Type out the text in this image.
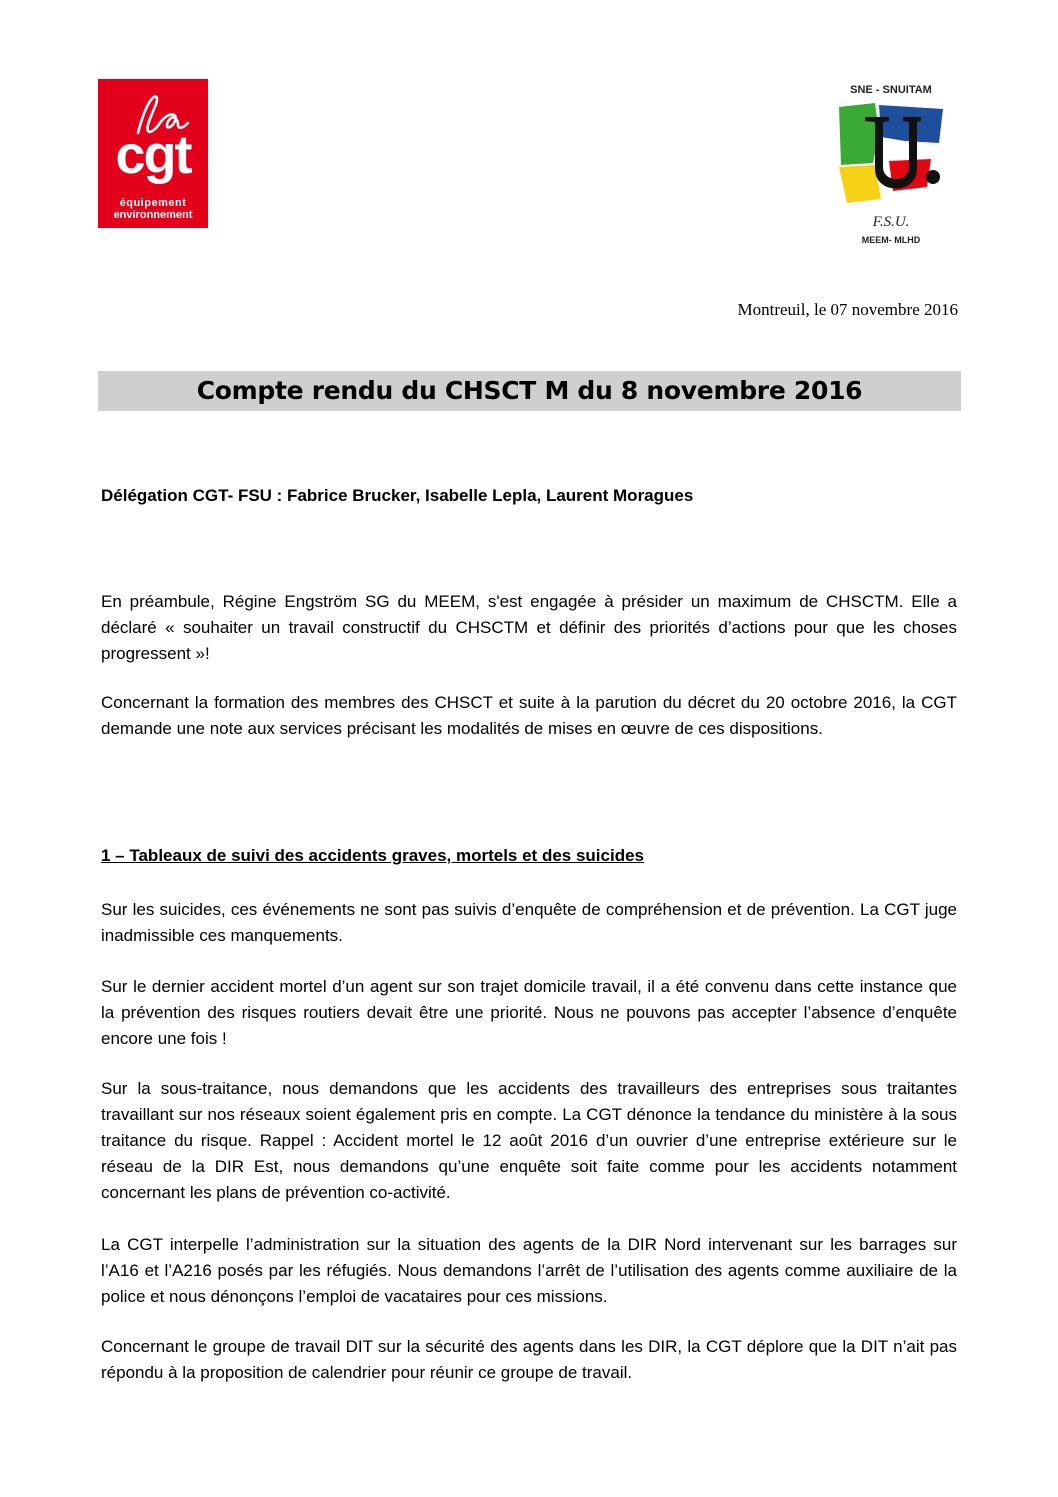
cgt
équipement
environnement
SNE - SNUITAM
F.S.U.
MEEM- MLHD
Montreuil, le 07 novembre 2016
Compte rendu du CHSCT M du 8 novembre 2016
Délégation CGT- FSU : Fabrice Brucker, Isabelle Lepla, Laurent Moragues

En préambule, Régine Engström SG du MEEM, s'est engagée à présider un maximum de CHSCTM. Elle a déclaré « souhaiter un travail constructif du CHSCTM et définir des priorités d’actions pour que les choses progressent »!

Concernant la formation des membres des CHSCT et suite à la parution du décret du 20 octobre 2016, la CGT demande une note aux services précisant les modalités de mises en œuvre de ces dispositions.

1 – Tableaux de suivi des accidents graves, mortels et des suicides

Sur les suicides, ces événements ne sont pas suivis d’enquête de compréhension et de prévention. La CGT juge inadmissible ces manquements.

Sur le dernier accident mortel d’un agent sur son trajet domicile travail, il a été convenu dans cette instance que la prévention des risques routiers devait être une priorité. Nous ne pouvons pas accepter l’absence d’enquête encore une fois !

Sur la sous-traitance, nous demandons que les accidents des travailleurs des entreprises sous traitantes travaillant sur nos réseaux soient également pris en compte. La CGT dénonce la tendance du ministère à la sous traitance du risque. Rappel : Accident mortel le 12 août 2016 d’un ouvrier d’une entreprise extérieure sur le réseau de la DIR Est, nous demandons qu’une enquête soit faite comme pour les accidents notamment concernant les plans de prévention co-activité.

La CGT interpelle l’administration sur la situation des agents de la DIR Nord intervenant sur les barrages sur l’A16 et l’A216 posés par les réfugiés. Nous demandons l’arrêt de l’utilisation des agents comme auxiliaire de la police et nous dénonçons l’emploi de vacataires pour ces missions.

Concernant le groupe de travail DIT sur la sécurité des agents dans les DIR, la CGT déplore que la DIT n’ait pas répondu à la proposition de calendrier pour réunir ce groupe de travail.
